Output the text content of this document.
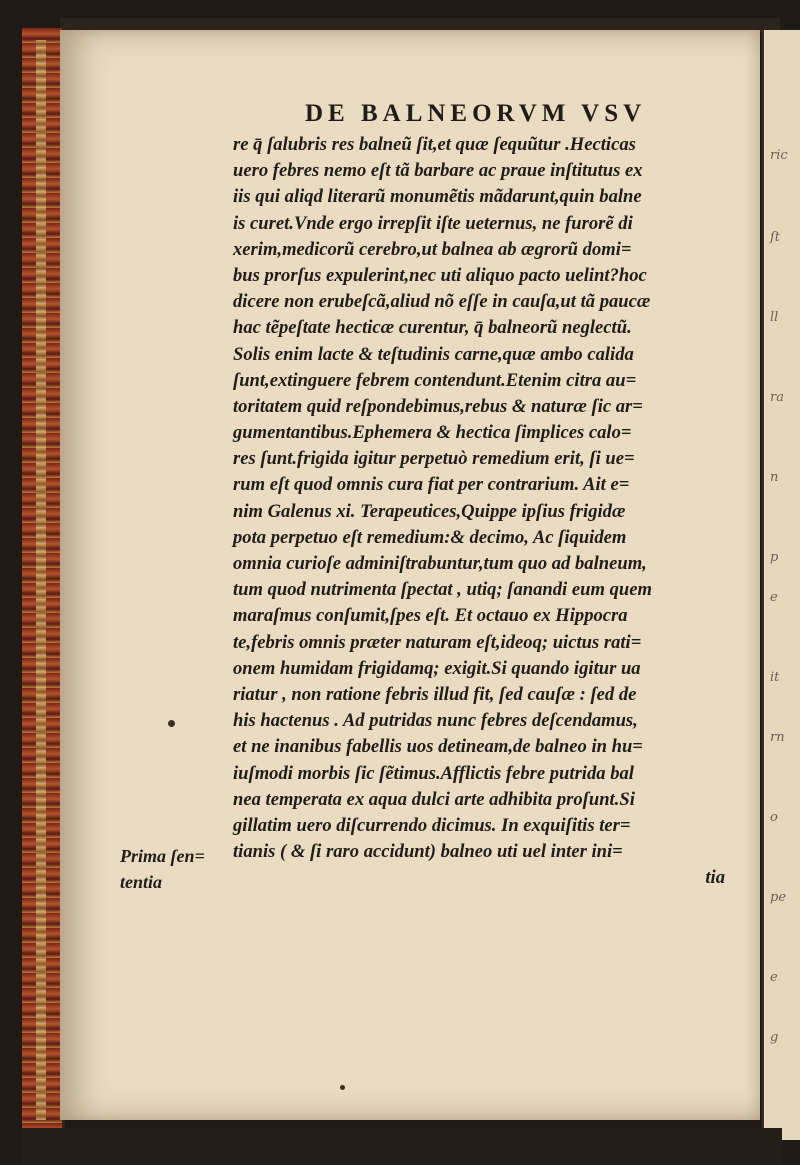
ric
ſt
ll
ra
n
p
e
it
rn
o
pe
e
g
DE BALNEORVM VSV
re q̄ ſalubris res balneũ ſit,et quæ ſequũtur .Hecticas
uero febres nemo eſt tã barbare ac praue inſtitutus ex
iis qui aliqd literarũ monumẽtis mãdarunt,quin balne
is curet.Vnde ergo irrepſit iſte ueternus, ne furorẽ di
xerim,medicorũ cerebro,ut balnea ab ægrorũ domi=
bus prorſus expulerint,nec uti aliquo pacto uelint?hoc
dicere non erubeſcã,aliud nõ eſſe in cauſa,ut tã paucæ
hac tẽpeſtate hecticæ curentur, q̄ balneorũ neglectũ.
Solis enim lacte & teſtudinis carne,quæ ambo calida
ſunt,extinguere febrem contendunt.Etenim citra au=
toritatem quid reſpondebimus,rebus & naturæ ſic ar=
gumentantibus.Ephemera & hectica ſimplices calo=
res ſunt.frigida igitur perpetuò remedium erit, ſi ue=
rum eſt quod omnis cura fiat per contrarium. Ait e=
nim Galenus xi. Terapeutices,Quippe ipſius frigidæ
pota perpetuo eſt remedium:& decimo, Ac ſiquidem
omnia curioſe adminiſtrabuntur,tum quo ad balneum,
tum quod nutrimenta ſpectat , utiq; ſanandi eum quem
maraſmus conſumit,ſpes eſt. Et octauo ex Hippocra
te,febris omnis præter naturam eſt,ideoq; uictus rati=
onem humidam frigidamq; exigit.Si quando igitur ua
riatur , non ratione febris illud fit, ſed cauſæ : ſed de
his hactenus . Ad putridas nunc febres deſcendamus,
et ne inanibus fabellis uos detineam,de balneo in hu=
iuſmodi morbis ſic ſẽtimus.Afflictis febre putrida bal
nea temperata ex aqua dulci arte adhibita proſunt.Si
gillatim uero diſcurrendo dicimus. In exquiſitis ter=
tianis ( & ſi raro accidunt) balneo uti uel inter ini=
tia
Prima ſen=
tentia
